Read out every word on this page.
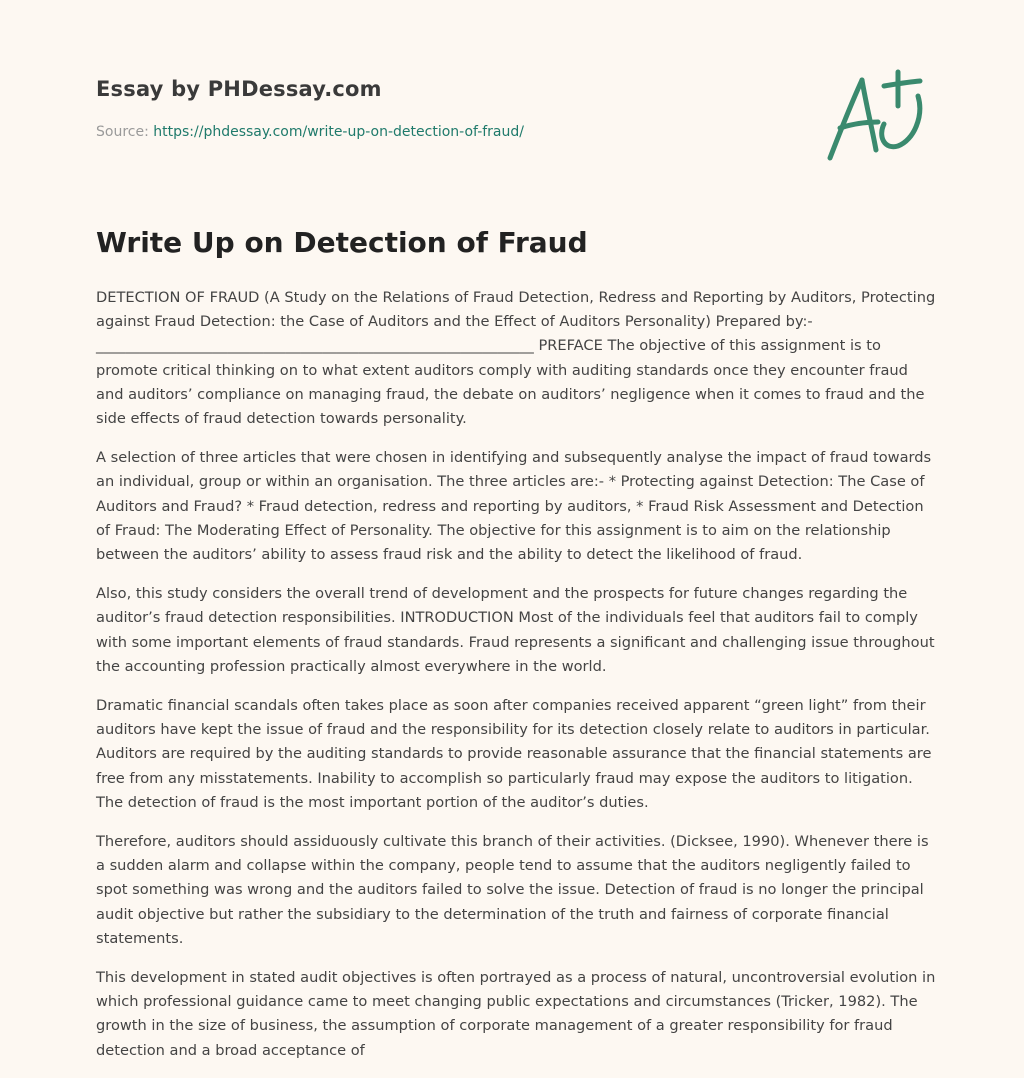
Essay by PHDessay.com
Source: https://phdessay.com/write-up-on-detection-of-fraud/
Write Up on Detection of Fraud

DETECTION OF FRAUD (A Study on the Relations of Fraud Detection, Redress and Reporting by Auditors, Protecting against Fraud Detection: the Case of Auditors and the Effect of Auditors Personality) Prepared by:- ____________________________________________________________ PREFACE The objective of this assignment is to promote critical thinking on to what extent auditors comply with auditing standards once they encounter fraud and auditors’ compliance on managing fraud, the debate on auditors’ negligence when it comes to fraud and the side effects of fraud detection towards personality.

A selection of three articles that were chosen in identifying and subsequently analyse the impact of fraud towards an individual, group or within an organisation. The three articles are:- * Protecting against Detection: The Case of Auditors and Fraud? * Fraud detection, redress and reporting by auditors, * Fraud Risk Assessment and Detection of Fraud: The Moderating Effect of Personality. The objective for this assignment is to aim on the relationship between the auditors’ ability to assess fraud risk and the ability to detect the likelihood of fraud.

Also, this study considers the overall trend of development and the prospects for future changes regarding the auditor’s fraud detection responsibilities. INTRODUCTION Most of the individuals feel that auditors fail to comply with some important elements of fraud standards. Fraud represents a significant and challenging issue throughout the accounting profession practically almost everywhere in the world.

Dramatic financial scandals often takes place as soon after companies received apparent “green light” from their auditors have kept the issue of fraud and the responsibility for its detection closely relate to auditors in particular. Auditors are required by the auditing standards to provide reasonable assurance that the financial statements are free from any misstatements. Inability to accomplish so particularly fraud may expose the auditors to litigation. The detection of fraud is the most important portion of the auditor’s duties.

Therefore, auditors should assiduously cultivate this branch of their activities. (Dicksee, 1990). Whenever there is a sudden alarm and collapse within the company, people tend to assume that the auditors negligently failed to spot something was wrong and the auditors failed to solve the issue. Detection of fraud is no longer the principal audit objective but rather the subsidiary to the determination of the truth and fairness of corporate financial statements.

This development in stated audit objectives is often portrayed as a process of natural, uncontroversial evolution in which professional guidance came to meet changing public expectations and circumstances (Tricker, 1982). The growth in the size of business, the assumption of corporate management of a greater responsibility for fraud detection and a broad acceptance of
